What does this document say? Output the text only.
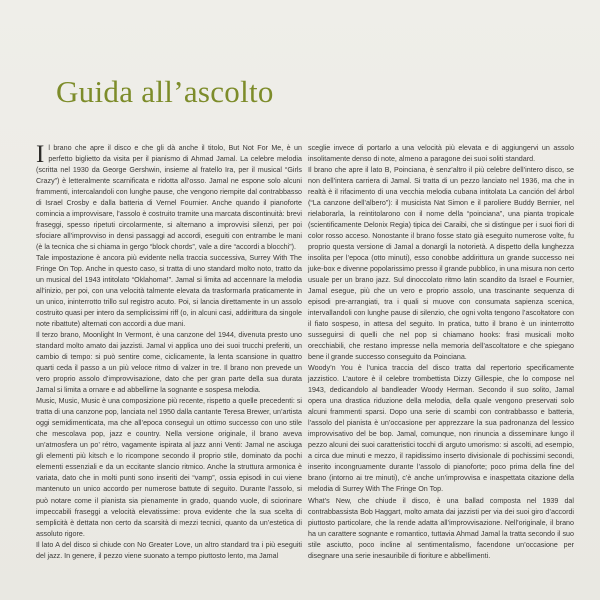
Guida all’ascolto
I l brano che apre il disco e che gli dà anche il titolo, But Not For Me, è un perfetto biglietto da visita per il pianismo di Ahmad Jamal. La celebre melodia (scritta nel 1930 da George Gershwin, insieme al fratello Ira, per il musical “Girls Crazy”) è letteralmente scarnificata e ridotta all’osso. Jamal ne espone solo alcuni frammenti, intercalandoli con lunghe pause, che vengono riempite dal contrabbasso di Israel Crosby e dalla batteria di Vernel Fournier. Anche quando il pianoforte comincia a improvvisare, l’assolo è costruito tramite una marcata discontinuità: brevi fraseggi, spesso ripetuti circolarmente, si alternano a improvvisi silenzi, per poi sfociare all’improvviso in densi passaggi ad accordi, eseguiti con entrambe le mani (è la tecnica che si chiama in gergo “block chords”, vale a dire “accordi a blocchi”).

Tale impostazione è ancora più evidente nella traccia successiva, Surrey With The Fringe On Top. Anche in questo caso, si tratta di uno standard molto noto, tratto da un musical del 1943 intitolato “Oklahoma!”. Jamal si limita ad accennare la melodia all’inizio, per poi, con una velocità talmente elevata da trasformarla praticamente in un unico, ininterrotto trillo sul registro acuto. Poi, si lancia direttamente in un assolo costruito quasi per intero da semplicissimi riff (o, in alcuni casi, addirittura da singole note ribattute) alternati con accordi a due mani.

Il terzo brano, Moonlight In Vermont, è una canzone del 1944, divenuta presto uno standard molto amato dai jazzisti. Jamal vi applica uno dei suoi trucchi preferiti, un cambio di tempo: si può sentire come, ciclicamente, la lenta scansione in quattro quarti ceda il passo a un più veloce ritmo di valzer in tre. Il brano non prevede un vero proprio assolo d’improvvisazione, dato che per gran parte della sua durata Jamal si limita a ornare e ad abbellirne la sognante e sospesa melodia.

Music, Music, Music è una composizione più recente, rispetto a quelle precedenti: si tratta di una canzone pop, lanciata nel 1950 dalla cantante Teresa Brewer, un’artista oggi semidimenticata, ma che all’epoca conseguì un ottimo successo con uno stile che mescolava pop, jazz e country. Nella versione originale, il brano aveva un’atmosfera un po’ rétro, vagamente ispirata al jazz anni Venti: Jamal ne asciuga gli elementi più kitsch e lo ricompone secondo il proprio stile, dominato da pochi elementi essenziali e da un eccitante slancio ritmico. Anche la struttura armonica è variata, dato che in molti punti sono inseriti dei “vamp”, ossia episodi in cui viene mantenuto un unico accordo per numerose battute di seguito. Durante l’assolo, si può notare come il pianista sia pienamente in grado, quando vuole, di sciorinare impeccabili fraseggi a velocità elevatissime: prova evidente che la sua scelta di semplicità è dettata non certo da scarsità di mezzi tecnici, quanto da un’estetica di assoluto rigore.

Il lato A del disco si chiude con No Greater Love, un altro standard tra i più eseguiti del jazz. In genere, il pezzo viene suonato a tempo piuttosto lento, ma Jamal

sceglie invece di portarlo a una velocità più elevata e di aggiungervi un assolo insolitamente denso di note, almeno a paragone dei suoi soliti standard.

Il brano che apre il lato B, Poinciana, è senz’altro il più celebre dell’intero disco, se non dell’intera carriera di Jamal. Si tratta di un pezzo lanciato nel 1936, ma che in realtà è il rifacimento di una vecchia melodia cubana intitolata La canción del árbol (“La canzone dell’albero”): il musicista Nat Simon e il paroliere Buddy Bernier, nel rielaborarla, la reintitolarono con il nome della “poinciana”, una pianta tropicale (scientificamente Delonix Regia) tipica dei Caraibi, che si distingue per i suoi fiori di color rosso acceso. Nonostante il brano fosse stato già eseguito numerose volte, fu proprio questa versione di Jamal a donargli la notorietà. A dispetto della lunghezza insolita per l’epoca (otto minuti), esso conobbe addirittura un grande successo nei juke-box e divenne popolarissimo presso il grande pubblico, in una misura non certo usuale per un brano jazz. Sul dinoccolato ritmo latin scandito da Israel e Fournier, Jamal esegue, più che un vero e proprio assolo, una trascinante sequenza di episodi pre-arrangiati, tra i quali si muove con consumata sapienza scenica, intervallandoli con lunghe pause di silenzio, che ogni volta tengono l’ascoltatore con il fiato sospeso, in attesa del seguito. In pratica, tutto il brano è un ininterrotto susseguirsi di quelli che nel pop si chiamano hooks: frasi musicali molto orecchiabili, che restano impresse nella memoria dell’ascoltatore e che spiegano bene il grande successo conseguito da Poinciana.

Woody’n You è l’unica traccia del disco tratta dal repertorio specificamente jazzistico. L’autore è il celebre trombettista Dizzy Gillespie, che lo compose nel 1943, dedicandolo al bandleader Woody Herman. Secondo il suo solito, Jamal opera una drastica riduzione della melodia, della quale vengono preservati solo alcuni frammenti sparsi. Dopo una serie di scambi con contrabbasso e batteria, l’assolo del pianista è un’occasione per apprezzare la sua padronanza del lessico improvvisativo del be bop. Jamal, comunque, non rinuncia a disseminare lungo il pezzo alcuni dei suoi caratteristici tocchi di arguto umorismo: si ascolti, ad esempio, a circa due minuti e mezzo, il rapidissimo inserto divisionale di pochissimi secondi, inserito incongruamente durante l’assolo di pianoforte; poco prima della fine del brano (intorno ai tre minuti), c’è anche un’improvvisa e inaspettata citazione della melodia di Surrey With The Fringe On Top.

What’s New, che chiude il disco, è una ballad composta nel 1939 dal contrabbassista Bob Haggart, molto amata dai jazzisti per via dei suoi giro d’accordi piuttosto particolare, che la rende adatta all’improvvisazione. Nell’originale, il brano ha un carattere sognante e romantico, tuttavia Ahmad Jamal la tratta secondo il suo stile asciutto, poco incline al sentimentalismo, facendone un’occasione per disegnare una serie inesauribile di fioriture e abbellimenti.
